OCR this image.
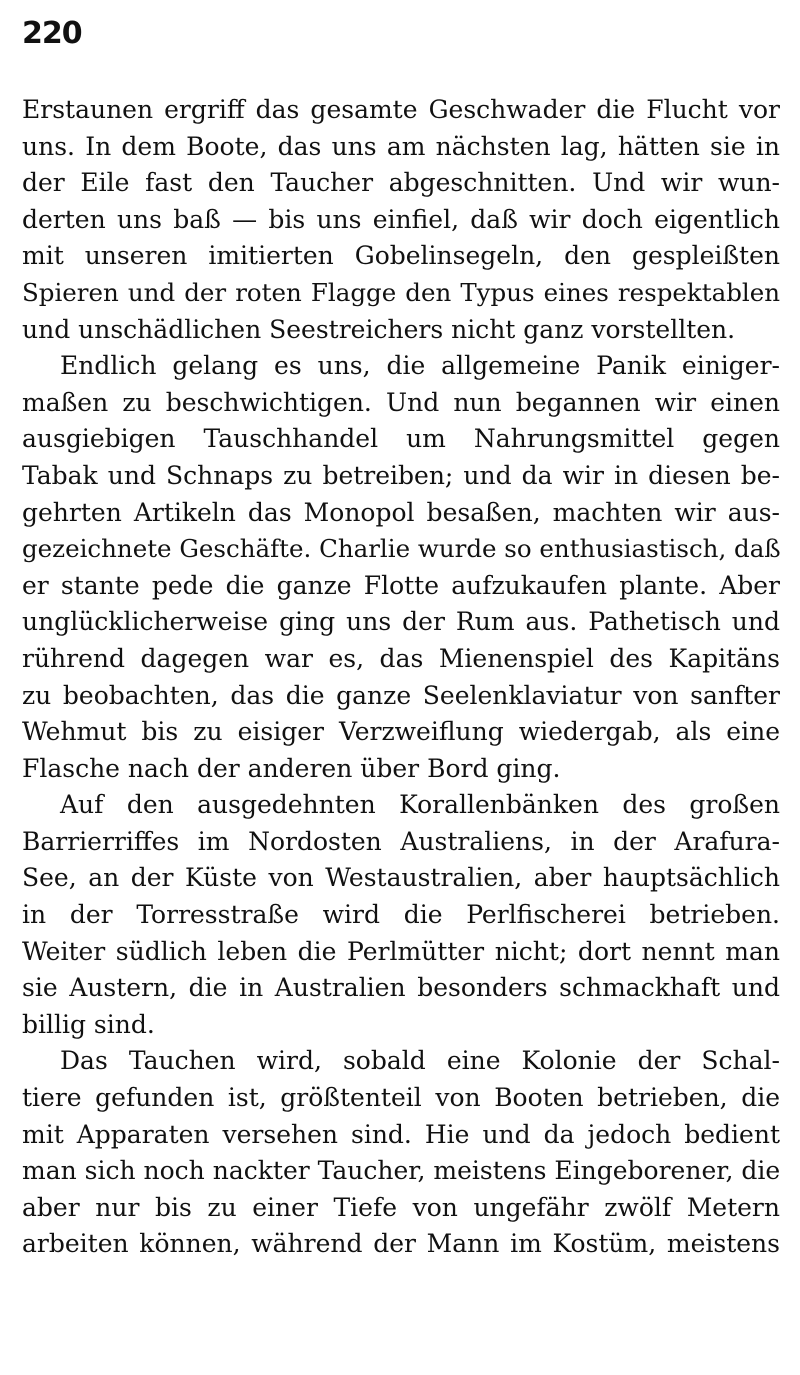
220
Erstaunen ergriff das gesamte Geschwader die Flucht vor
uns. In dem Boote, das uns am nächsten lag, hätten sie in
der Eile fast den Taucher abgeschnitten. Und wir wun-
derten uns baß — bis uns einfiel, daß wir doch eigentlich
mit unseren imitierten Gobelinsegeln, den gespleißten
Spieren und der roten Flagge den Typus eines respektablen
und unschädlichen Seestreichers nicht ganz vorstellten.
Endlich gelang es uns, die allgemeine Panik einiger-
maßen zu beschwichtigen. Und nun begannen wir einen
ausgiebigen Tauschhandel um Nahrungsmittel gegen
Tabak und Schnaps zu betreiben; und da wir in diesen be-
gehrten Artikeln das Monopol besaßen, machten wir aus-
gezeichnete Geschäfte. Charlie wurde so enthusiastisch, daß
er stante pede die ganze Flotte aufzukaufen plante. Aber
unglücklicherweise ging uns der Rum aus. Pathetisch und
rührend dagegen war es, das Mienenspiel des Kapitäns
zu beobachten, das die ganze Seelenklaviatur von sanfter
Wehmut bis zu eisiger Verzweiflung wiedergab, als eine
Flasche nach der anderen über Bord ging.
Auf den ausgedehnten Korallenbänken des großen
Barrierriffes im Nordosten Australiens, in der Arafura-
See, an der Küste von Westaustralien, aber hauptsächlich
in der Torresstraße wird die Perlfischerei betrieben.
Weiter südlich leben die Perlmütter nicht; dort nennt man
sie Austern, die in Australien besonders schmackhaft und
billig sind.
Das Tauchen wird, sobald eine Kolonie der Schal-
tiere gefunden ist, größtenteil von Booten betrieben, die
mit Apparaten versehen sind. Hie und da jedoch bedient
man sich noch nackter Taucher, meistens Eingeborener, die
aber nur bis zu einer Tiefe von ungefähr zwölf Metern
arbeiten können, während der Mann im Kostüm, meistens
